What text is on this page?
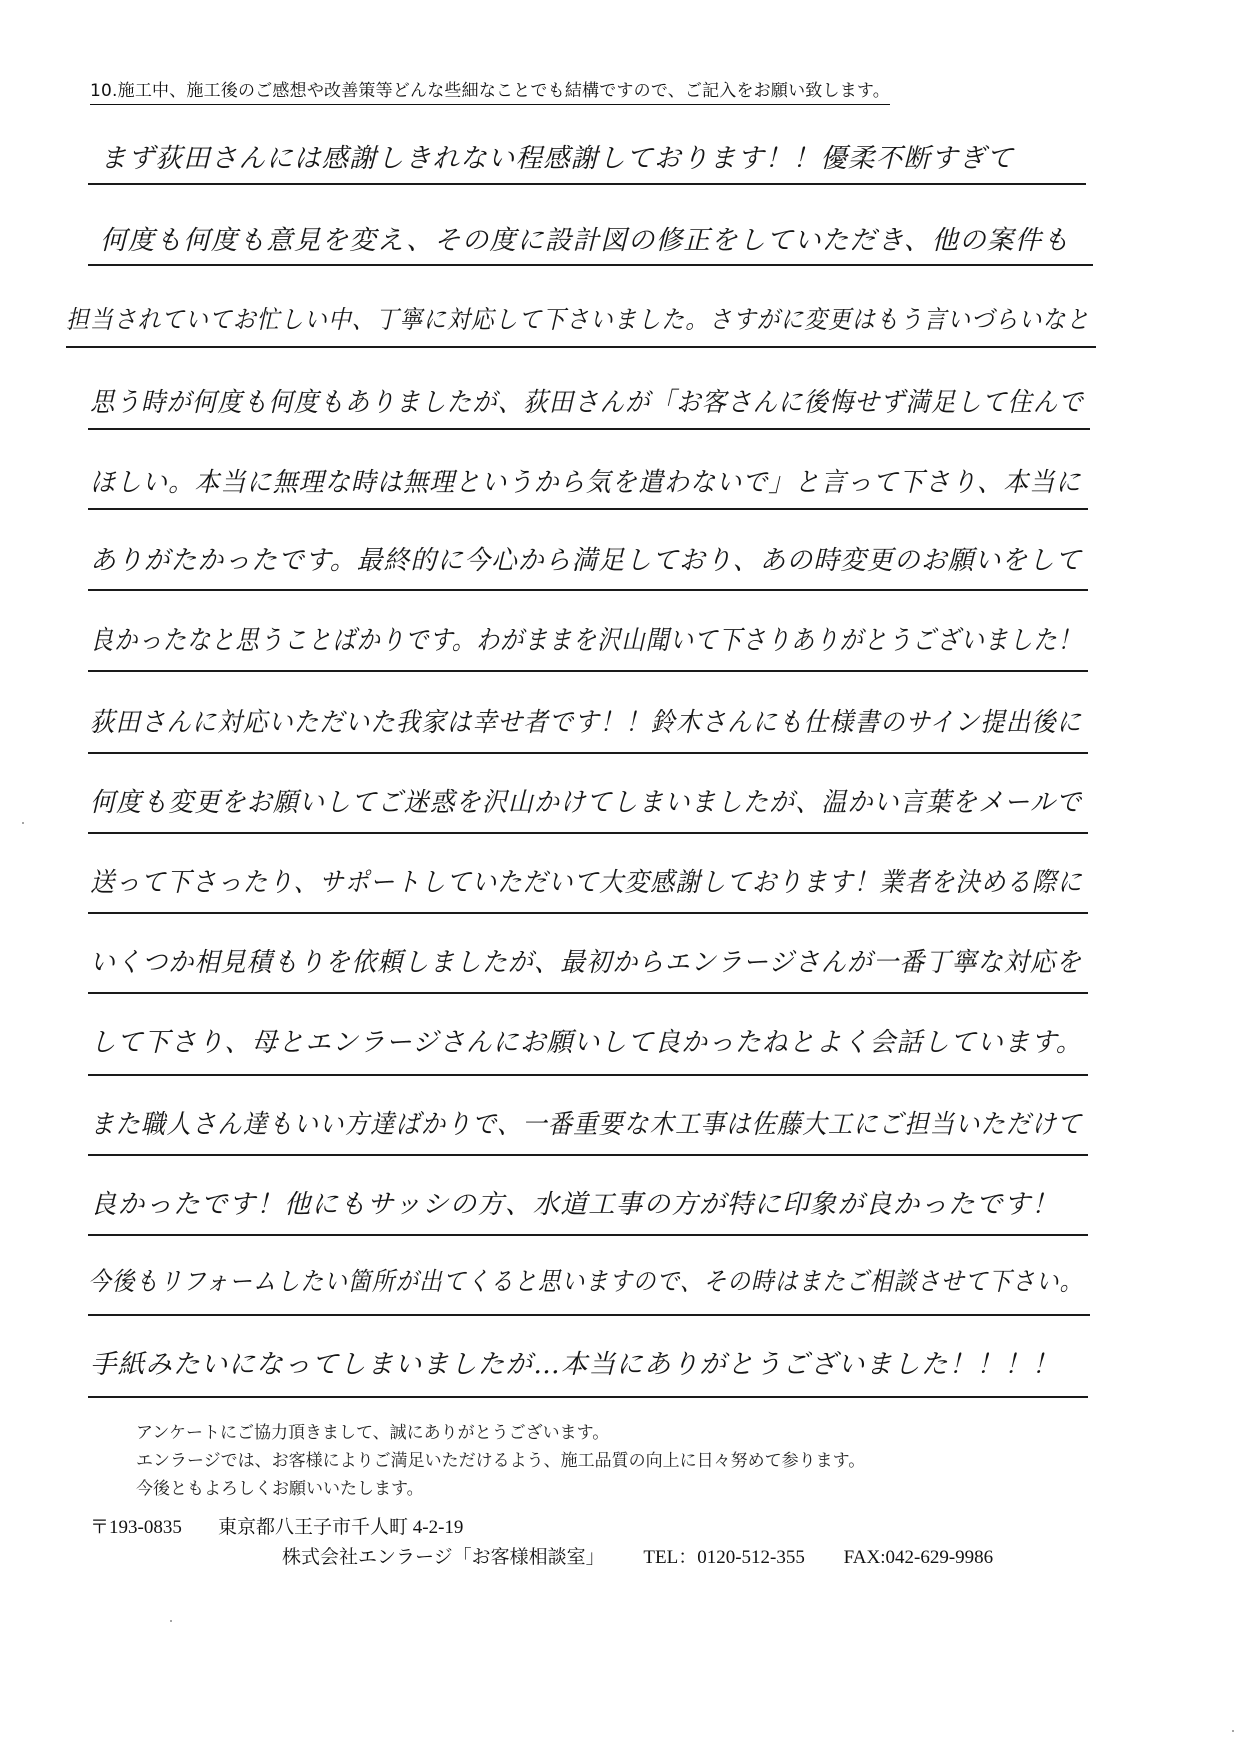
10.施工中、施工後のご感想や改善策等どんな些細なことでも結構ですので、ご記入をお願い致します。
まず荻田さんには感謝しきれない程感謝しております！！優柔不断すぎて
何度も何度も意見を変え、その度に設計図の修正をしていただき、他の案件も
担当されていてお忙しい中、丁寧に対応して下さいました。さすがに変更はもう言いづらいなと
思う時が何度も何度もありましたが、荻田さんが「お客さんに後悔せず満足して住んで
ほしい。本当に無理な時は無理というから気を遣わないで」と言って下さり、本当に
ありがたかったです。最終的に今心から満足しており、あの時変更のお願いをして
良かったなと思うことばかりです。わがままを沢山聞いて下さりありがとうございました！
荻田さんに対応いただいた我家は幸せ者です！！鈴木さんにも仕様書のサイン提出後に
何度も変更をお願いしてご迷惑を沢山かけてしまいましたが、温かい言葉をメールで
送って下さったり、サポートしていただいて大変感謝しております！業者を決める際に
いくつか相見積もりを依頼しましたが、最初からエンラージさんが一番丁寧な対応を
して下さり、母とエンラージさんにお願いして良かったねとよく会話しています。
また職人さん達もいい方達ばかりで、一番重要な木工事は佐藤大工にご担当いただけて
良かったです！他にもサッシの方、水道工事の方が特に印象が良かったです！
今後もリフォームしたい箇所が出てくると思いますので、その時はまたご相談させて下さい。
手紙みたいになってしまいましたが…本当にありがとうございました！！！！
アンケートにご協力頂きまして、誠にありがとうございます。
エンラージでは、お客様によりご満足いただけるよう、施工品質の向上に日々努めて参ります。
今後ともよろしくお願いいたします。
〒193-0835 東京都八王子市千人町 4-2-19
株式会社エンラージ「お客様相談室」 TEL：0120-512-355 FAX:042-629-9986
